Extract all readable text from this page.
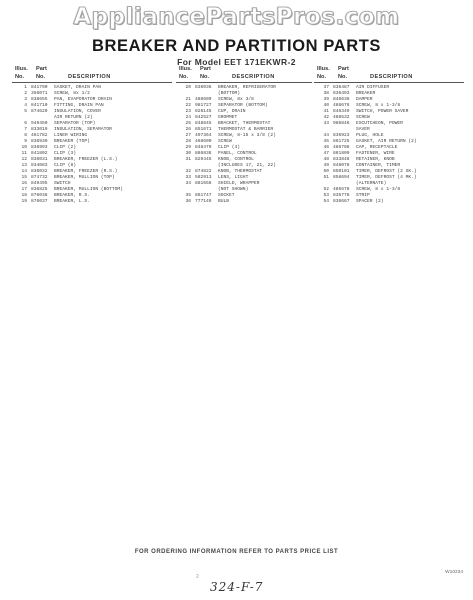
AppliancePartsPros.com
BREAKER AND PARTITION PARTS
For Model EET 171EKWR-2
Illus.
No.
Part
No.	DESCRIPTION
1 841790 GASKET, DRAIN PAN
2 356071 SCREW, 8x 1/2
3 838655 PAN, EVAPORATOR DRAIN
4 841710 FITTING, DRAIN PAN
5 874620 INSULATION, COVER
AIR RETURN (2)
6 949450 SEPARATOR (TOP)
7 833019 INSULATION, SEPARATOR
8 461782 LINER WIRING
9 836930 BREAKER (TOP)
10 836993 CLIP (2)
11 841802 CLIP (3)
12 836031 BREAKER, FREEZER (L.S.)
13 834083 CLIP (8)
14 836032 BREAKER, FREEZER (R.S.)
15 874732 BREAKER, MULLION (TOP)
16 849495 SWITCH
17 836825 BREAKER, MULLION (BOTTOM)
18 876038 BREAKER, R.S.
19 876037 BREAKER, L.S.
Illus.
No.
Part
No.	DESCRIPTION
20 836036 BREAKER, REFRIGERATOR
(BOTTOM)
21 488609 SCREW, 8x 3/8
22 981727 SEPARATOR (BOTTOM)
23 826145 CUP, DRAIN
24 842527 GROMMET
25 848845 BRACKET, THERMOSTAT
26 851671 THERMOSTAT & BARRIER
27 497364 SCREW, 8-15 x 3/8 (2)
28 468600 SCREW
29 848479 CLIP (4)
30 886838 PANEL, CONTROL
31 829445 KNOB, CONTROL
(INCLUDES 17, 21, 22)
32 874822 KNOB, THERMOSTAT
33 582913 LENS, LIGHT
34 881658 SHIELD, WRAPPER
(NOT SHOWN)
35 861747 SOCKET
36 777149 BULB
Illus.
No.
Part
No.	DESCRIPTION
37 836487 AIR DIFFUSER
38 836493 BREAKER
39 848636 DAMPER
40 488678 SCREW, 8 x 1-3/8
41 846349 SWITCH, POWER SAVER
42 488532 SCREW
43 986846 ESCUTCHEON, POWER
SAVER
44 836923 PLUG, HOLE
45 861725 GASKET, AIR RETURN (2)
46 486708 CAP, RECEPTACLE
47 861809 FASTENER, WIRE
48 833848 RETAINER, KNOB
49 848078 CONTAINER, TIMER
50 850101 TIMER, DEFROST (2 SK.)
51 858694 TIMER, DEFROST (4 MK.)
(ALTERNATE)
52 485678 SCREW, 8 x 1-3/8
53 835778 STRIP
54 836667 SPACER (2)
FOR ORDERING INFORMATION REFER TO PARTS PRICE LIST
2
324-F-7
W10234
